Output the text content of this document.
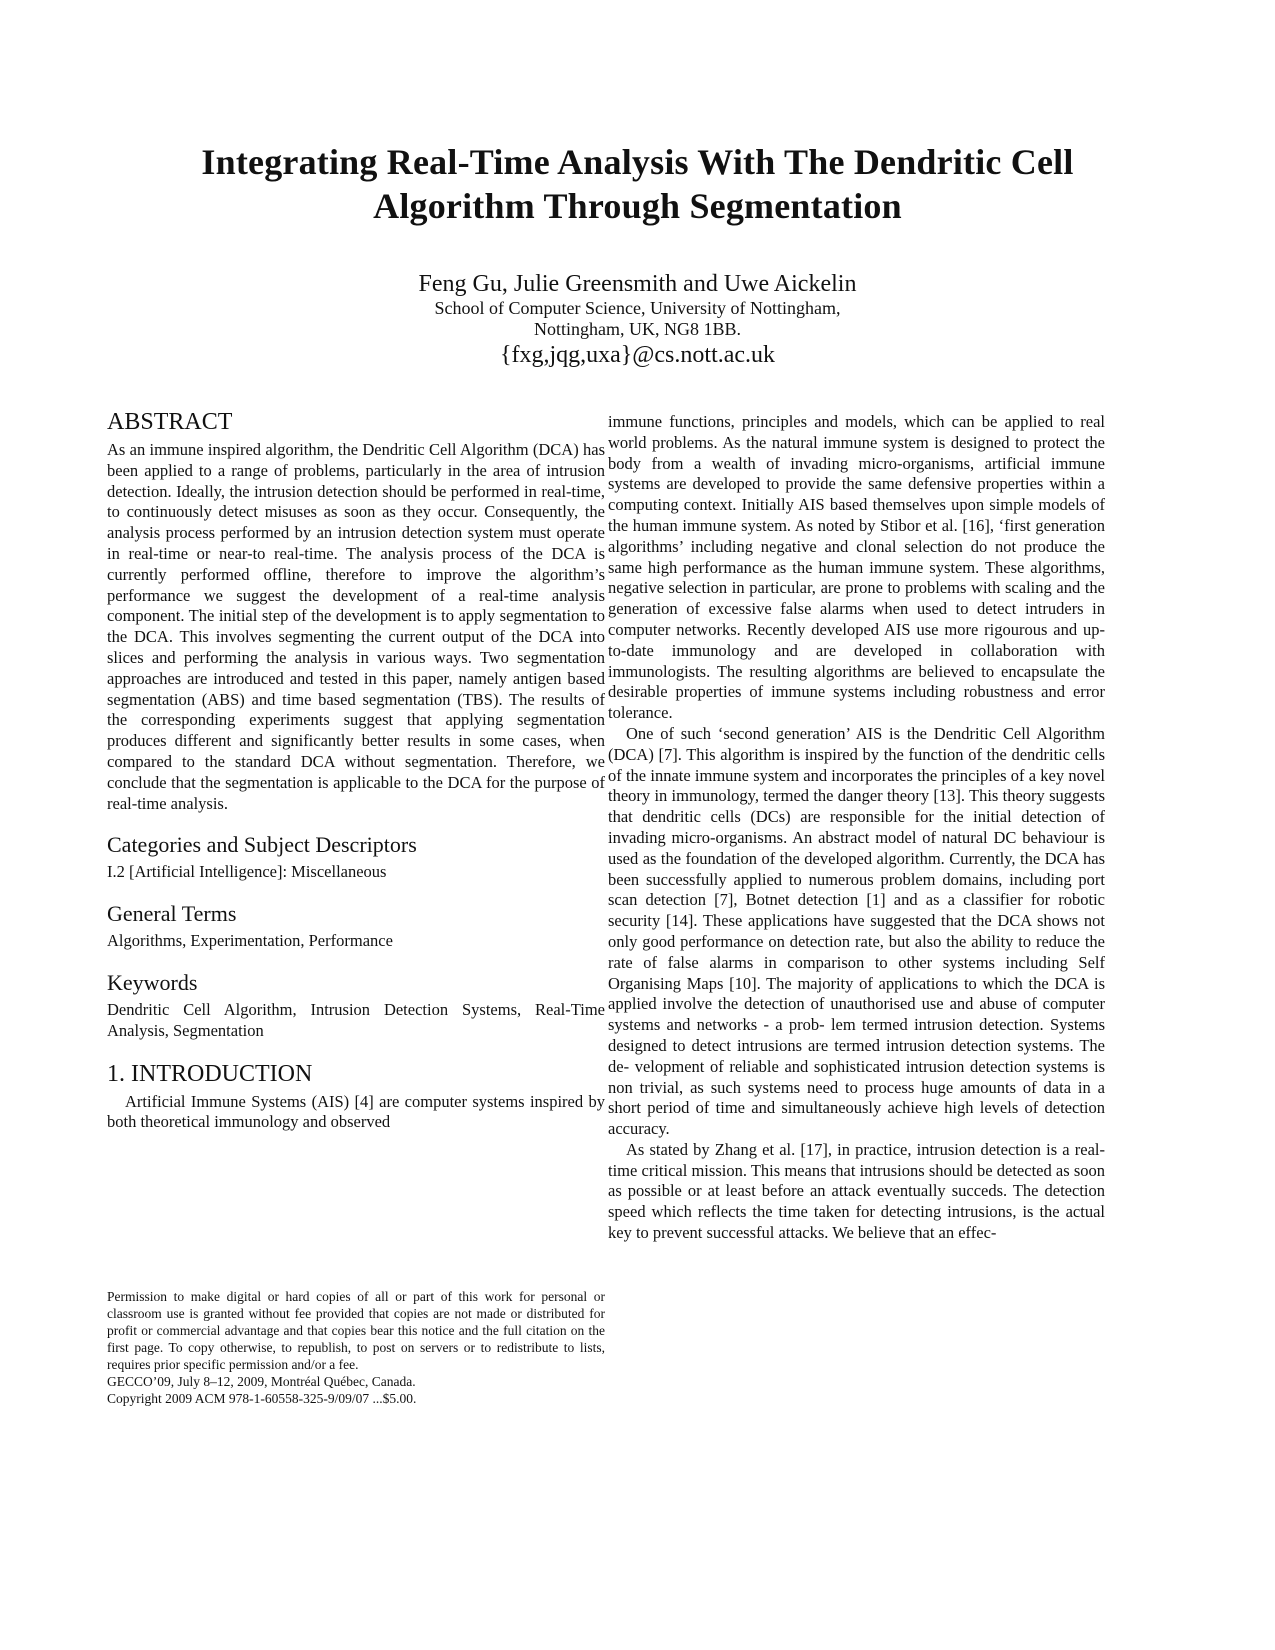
Integrating Real-Time Analysis With The Dendritic Cell
Algorithm Through Segmentation
Feng Gu, Julie Greensmith and Uwe Aickelin
School of Computer Science, University of Nottingham,
Nottingham, UK, NG8 1BB.
{fxg,jqg,uxa}@cs.nott.ac.uk
ABSTRACT

As an immune inspired algorithm, the Dendritic Cell Algorithm (DCA) has been applied to a range of problems, particularly in the area of intrusion detection. Ideally, the intrusion detection should be performed in real-time, to continuously detect misuses as soon as they occur. Consequently, the analysis process performed by an intrusion detection system must operate in real-time or near-to real-time. The analysis process of the DCA is currently performed offline, therefore to improve the algorithm’s performance we suggest the development of a real-time analysis component. The initial step of the development is to apply segmentation to the DCA. This involves segmenting the current output of the DCA into slices and performing the analysis in various ways. Two segmentation approaches are introduced and tested in this paper, namely antigen based segmentation (ABS) and time based segmentation (TBS). The results of the corresponding experiments suggest that applying segmentation produces different and significantly better results in some cases, when compared to the standard DCA without segmentation. Therefore, we conclude that the segmentation is applicable to the DCA for the purpose of real-time analysis.

Categories and Subject Descriptors

I.2 [Artificial Intelligence]: Miscellaneous

General Terms

Algorithms, Experimentation, Performance

Keywords

Dendritic Cell Algorithm, Intrusion Detection Systems, Real-Time Analysis, Segmentation

1. INTRODUCTION

Artificial Immune Systems (AIS) [4] are computer systems inspired by both theoretical immunology and observed

Permission to make digital or hard copies of all or part of this work for personal or classroom use is granted without fee provided that copies are not made or distributed for profit or commercial advantage and that copies bear this notice and the full citation on the first page. To copy otherwise, to republish, to post on servers or to redistribute to lists, requires prior specific permission and/or a fee.

GECCO’09, July 8–12, 2009, Montréal Québec, Canada.

Copyright 2009 ACM 978-1-60558-325-9/09/07 ...$5.00.

immune functions, principles and models, which can be applied to real world problems. As the natural immune system is designed to protect the body from a wealth of invading micro-organisms, artificial immune systems are developed to provide the same defensive properties within a computing context. Initially AIS based themselves upon simple models of the human immune system. As noted by Stibor et al. [16], ‘first generation algorithms’ including negative and clonal selection do not produce the same high performance as the human immune system. These algorithms, negative selection in particular, are prone to problems with scaling and the generation of excessive false alarms when used to detect intruders in computer networks. Recently developed AIS use more rigourous and up-to-date immunology and are developed in collaboration with immunologists. The resulting algorithms are believed to encapsulate the desirable properties of immune systems including robustness and error tolerance.

One of such ‘second generation’ AIS is the Dendritic Cell Algorithm (DCA) [7]. This algorithm is inspired by the function of the dendritic cells of the innate immune system and incorporates the principles of a key novel theory in immunology, termed the danger theory [13]. This theory suggests that dendritic cells (DCs) are responsible for the initial detection of invading micro-organisms. An abstract model of natural DC behaviour is used as the foundation of the developed algorithm. Currently, the DCA has been successfully applied to numerous problem domains, including port scan detection [7], Botnet detection [1] and as a classifier for robotic security [14]. These applications have suggested that the DCA shows not only good performance on detection rate, but also the ability to reduce the rate of false alarms in comparison to other systems including Self Organising Maps [10]. The majority of applications to which the DCA is applied involve the detection of unauthorised use and abuse of computer systems and networks - a prob- lem termed intrusion detection. Systems designed to detect intrusions are termed intrusion detection systems. The de- velopment of reliable and sophisticated intrusion detection systems is non trivial, as such systems need to process huge amounts of data in a short period of time and simultaneously achieve high levels of detection accuracy.

As stated by Zhang et al. [17], in practice, intrusion detection is a real-time critical mission. This means that intrusions should be detected as soon as possible or at least before an attack eventually succeds. The detection speed which reflects the time taken for detecting intrusions, is the actual key to prevent successful attacks. We believe that an effec-
